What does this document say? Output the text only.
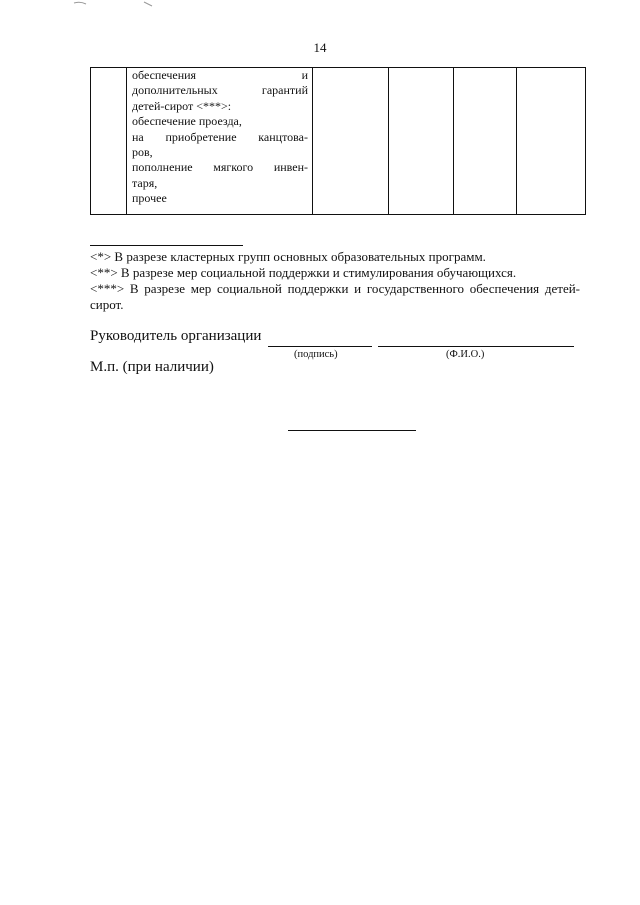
14

обеспечения и
дополнительных гарантий
детей-сирот <***>:
обеспечение проезда,
на приобретение канцтова-
ров,
пополнение мягкого инвен-
таря,
прочее

<*> В разрезе кластерных групп основных образовательных программ.

<**> В разрезе мер социальной поддержки и стимулирования обучающихся.

<***> В разрезе мер социальной поддержки и государственного обеспечения детей-сирот.

Руководитель организации
(подпись)	(Ф.И.О.)
М.п. (при наличии)
